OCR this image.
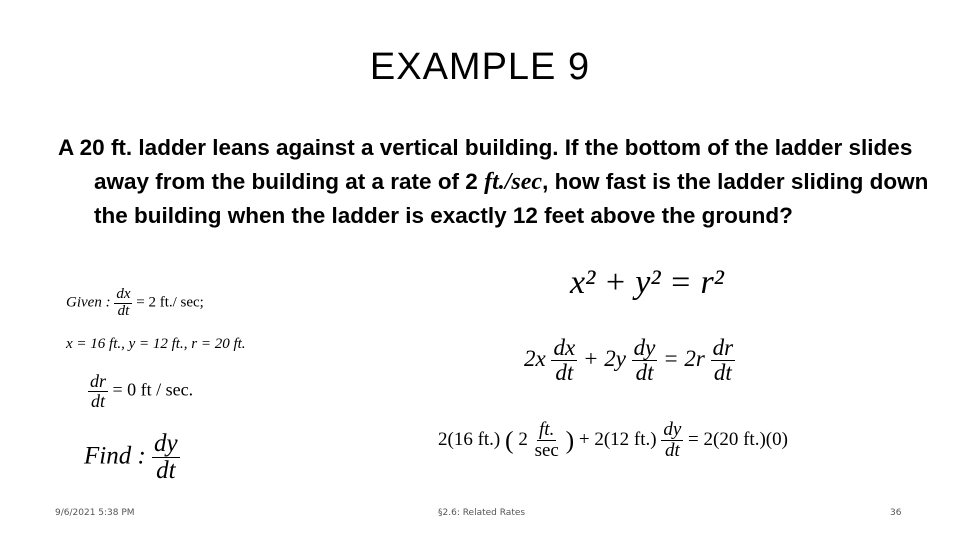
EXAMPLE 9
A 20 ft. ladder leans against a vertical building. If the bottom of the ladder slides away from the building at a rate of 2 ft./sec, how fast is the ladder sliding down the building when the ladder is exactly 12 feet above the ground?
Given : $\frac{dx}{dt} = 2$ ft./ sec;
x = 16 ft., y = 12 ft., r = 20 ft.
$\frac{dr}{dt} = 0$ ft / sec.
Find : $\frac{dy}{dt}$
x² + y² = r²
$2x \frac{dx}{dt} + 2y \frac{dy}{dt} = 2r \frac{dr}{dt}$
2(16 ft.) ( $2 \frac{ft.}{\sec}$ ) + 2(12 $ft.) \frac{dy}{dt} = 2(20$ ft.)(0)
9/6/2021 5:38 PM	§2.6: Related Rates	36
